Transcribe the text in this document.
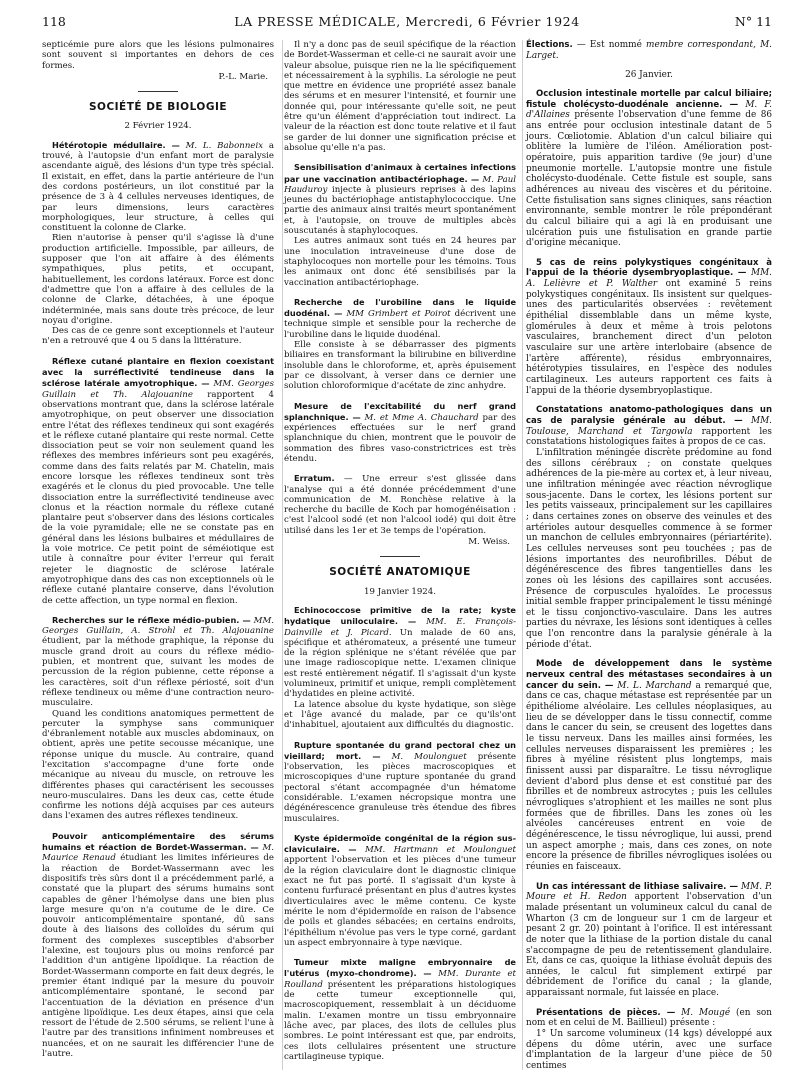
118	LA PRESSE MÉDICALE, Mercredi, 6 Février 1924	N° 11

septicémie pure alors que les lésions pulmonaires sont souvent si importantes en dehors de ces formes.

P.-L. Marie.
SOCIÉTÉ DE BIOLOGIE
2 Février 1924.

Hétérotopie médullaire. — M. L. Babonneix a trouvé, à l'autopsie d'un enfant mort de paralysie ascendante aiguë, des lésions d'un type très spécial. Il existait, en effet, dans la partie antérieure de l'un des cordons postérieurs, un ilot constitué par la présence de 3 à 4 cellules nerveuses identiques, de par leurs dimensions, leurs caractères morphologiques, leur structure, à celles qui constituent la colonne de Clarke.

Rien n'autorise à penser qu'il s'agisse là d'une production artificielle. Impossible, par ailleurs, de supposer que l'on ait affaire à des éléments sympathiques, plus petits, et occupant, habituellement, les cordons latéraux. Force est donc d'admettre que l'on a affaire à des cellules de la colonne de Clarke, détachées, à une époque indéterminée, mais sans doute très précoce, de leur noyau d'origine.

Des cas de ce genre sont exceptionnels et l'auteur n'en a retrouvé que 4 ou 5 dans la littérature.

Réflexe cutané plantaire en flexion coexistant avec la surréflectivité tendineuse dans la sclérose latérale amyotrophique. — MM. Georges Guillain et Th. Alajouanine rapportent 4 observations montrant que, dans la sclérose latérale amyotrophique, on peut observer une dissociation entre l'état des réflexes tendineux qui sont exagérés et le réflexe cutané plantaire qui reste normal. Cette dissociation peut se voir non seulement quand les réflexes des membres inférieurs sont peu exagérés, comme dans des faits relatés par M. Chatelin, mais encore lorsque les réflexes tendineux sont très exagérés et le clonus du pied provocable. Une telle dissociation entre la surréflectivité tendineuse avec clonus et la réaction normale du réflexe cutané plantaire peut s'observer dans des lésions corticales de la voie pyramidale; elle ne se constate pas en général dans les lésions bulbaires et médullaires de la voie motrice. Ce petit point de séméiotique est utile à connaître pour éviter l'erreur qui ferait rejeter le diagnostic de sclérose latérale amyotrophique dans des cas non exceptionnels où le réflexe cutané plantaire conserve, dans l'évolution de cette affection, un type normal en flexion.

Recherches sur le réflexe médio-pubien. — MM. Georges Guillain, A. Strohl et Th. Alajouanine étudient, par la méthode graphique, la réponse du muscle grand droit au cours du réflexe médio-pubien, et montrent que, suivant les modes de percussion de la région pubienne, cette réponse a les caractères, soit d'un réflexe périosté, soit d'un réflexe tendineux ou même d'une contraction neuro-musculaire.

Quand les conditions anatomiques permettent de percuter la symphyse sans communiquer d'ébranlement notable aux muscles abdominaux, on obtient, après une petite secousse mécanique, une réponse unique du muscle. Au contraire, quand l'excitation s'accompagne d'une forte onde mécanique au niveau du muscle, on retrouve les différentes phases qui caractérisent les secousses neuro-musculaires. Dans les deux cas, cette étude confirme les notions déjà acquises par ces auteurs dans l'examen des autres réflexes tendineux.

Pouvoir anticomplémentaire des sérums humains et réaction de Bordet-Wasserman. — M. Maurice Renaud étudiant les limites inférieures de la réaction de Bordet-Wassermann avec les dispositifs très sûrs dont il a précédemment parlé, a constaté que la plupart des sérums humains sont capables de gêner l'hémolyse dans une bien plus large mesure qu'on n'a coutume de le dire. Ce pouvoir anticomplémentaire spontané, dû sans doute à des liaisons des colloïdes du sérum qui forment des complexes susceptibles d'absorber l'alexine, est toujours plus ou moins renforcé par l'addition d'un antigène lipoïdique. La réaction de Bordet-Wassermann comporte en fait deux degrés, le premier étant indiqué par la mesure du pouvoir anticomplémentaire spontané, le second par l'accentuation de la déviation en présence d'un antigène lipoïdique. Les deux étapes, ainsi que cela ressort de l'étude de 2.500 sérums, se relient l'une à l'autre par des transitions infiniment nombreuses et nuancées, et on ne saurait les différencier l'une de l'autre.

Il n'y a donc pas de seuil spécifique de la réaction de Bordet-Wasserman et celle-ci ne saurait avoir une valeur absolue, puisque rien ne la lie spécifiquement et nécessairement à la syphilis. La sérologie ne peut que mettre en évidence une propriété assez banale des sérums et en mesurer l'intensité, et fournir une donnée qui, pour intéressante qu'elle soit, ne peut être qu'un élément d'appréciation tout indirect. La valeur de la réaction est donc toute relative et il faut se garder de lui donner une signification précise et absolue qu'elle n'a pas.

Sensibilisation d'animaux à certaines infections par une vaccination antibactériophage. — M. Paul Hauduroy injecte à plusieurs reprises à des lapins jeunes du bactériophage antistaphylococcique. Une partie des animaux ainsi traités meurt spontanément et, à l'autopsie, on trouve de multiples abcès souscutanés à staphylocoques.

Les autres animaux sont tués en 24 heures par une inoculation intraveineuse d'une dose de staphylocoques non mortelle pour les témoins. Tous les animaux ont donc été sensibilisés par la vaccination antibactériophage.

Recherche de l'urobiline dans le liquide duodénal. — MM Grimbert et Poirot décrivent une technique simple et sensible pour la recherche de l'urobiline dans le liquide duodénal.

Elle consiste à se débarrasser des pigments biliaires en transformant la bilirubine en biliverdine insoluble dans le chloroforme, et, après épuisement par ce dissolvant, à verser dans ce dernier une solution chloroformique d'acétate de zinc anhydre.

Mesure de l'excitabilité du nerf grand splanchnique. — M. et Mme A. Chauchard par des expériences effectuées sur le nerf grand splanchnique du chien, montrent que le pouvoir de sommation des fibres vaso-constrictrices est très étendu.

Erratum. — Une erreur s'est glissée dans l'analyse qui a été donnée précédemment d'une communication de M. Ronchèse relative à la recherche du bacille de Koch par homogénéisation : c'est l'alcool sodé (et non l'alcool iodé) qui doit être utilisé dans les 1er et 3e temps de l'opération.

M. Weiss.
SOCIÉTÉ ANATOMIQUE
19 Janvier 1924.

Echinococcose primitive de la rate; kyste hydatique uniloculaire. — MM. E. François-Dainville et J. Picard. Un malade de 60 ans, spécifique et athéromateux, a présenté une tumeur de la région splénique ne s'étant révélée que par une image radioscopique nette. L'examen clinique est resté entièrement négatif. Il s'agissait d'un kyste volumineux, primitif et unique, rempli complètement d'hydatides en pleine activité.

La latence absolue du kyste hydatique, son siège et l'âge avancé du malade, par ce qu'ils'ont d'inhabituel, ajoutaient aux difficultés du diagnostic.

Rupture spontanée du grand pectoral chez un vieillard; mort. — M. Moulonguet présente l'observation, les pièces macroscopiques et microscopiques d'une rupture spontanée du grand pectoral s'étant accompagnée d'un hématome considérable. L'examen nécropsique montra une dégénérescence granuleuse très étendue des fibres musculaires.

Kyste épidermoïde congénital de la région sus-claviculaire. — MM. Hartmann et Moulonguet apportent l'observation et les pièces d'une tumeur de la région claviculaire dont le diagnostic clinique exact ne fut pas porté. Il s'agissait d'un kyste à contenu furfuracé présentant en plus d'autres kystes diverticulaires avec le même contenu. Ce kyste mérite le nom d'épidermoïde en raison de l'absence de poils et glandes sébacées; en certains endroits, l'épithélium n'évolue pas vers le type corné, gardant un aspect embryonnaire à type nævique.

Tumeur mixte maligne embryonnaire de l'utérus (myxo-chondrome). — MM. Durante et Roulland présentent les préparations histologiques de cette tumeur exceptionnelle qui, macroscopiquement, ressemblait à un déciduome malin. L'examen montre un tissu embryonnaire lâche avec, par places, des ilots de cellules plus sombres. Le point intéressant est que, par endroits, ces ilots cellulaires présentent une structure cartilagineuse typique.

Élections. — Est nommé membre correspondant, M. Larget.

26 Janvier.

Occlusion intestinale mortelle par calcul biliaire; fistule cholécysto-duodénale ancienne. — M. F. d'Allaines présente l'observation d'une femme de 86 ans entrée pour occlusion intestinale datant de 5 jours. Cœliotomie. Ablation d'un calcul biliaire qui oblitère la lumière de l'iléon. Amélioration post-opératoire, puis apparition tardive (9e jour) d'une pneumonie mortelle. L'autopsie montre une fistule cholécysto-duodénale. Cette fistule est souple, sans adhérences au niveau des viscères et du péritoine. Cette fistulisation sans signes cliniques, sans réaction environnante, semble montrer le rôle prépondérant du calcul biliaire qui a agi là en produisant une ulcération puis une fistulisation en grande partie d'origine mécanique.

5 cas de reins polykystiques congénitaux à l'appui de la théorie dysembryoplastique. — MM. A. Lelièvre et P. Walther ont examiné 5 reins polykystiques congénitaux. Ils insistent sur quelques-unes des particularités observées : revêtement épithélial dissemblable dans un même kyste, glomérules à deux et même à trois pelotons vasculaires, branchement direct d'un peloton vasculaire sur une artère interlobaire (absence de l'artère afférente), résidus embryonnaires, hétérotypies tissulaires, en l'espèce des nodules cartilagineux. Les auteurs rapportent ces faits à l'appui de la théorie dysembryoplastique.

Constatations anatomo-pathologiques dans un cas de paralysie générale au début. — MM. Toulouse, Marchand et Targowla rapportent les constatations histologiques faites à propos de ce cas.

L'infiltration méningée discrète prédomine au fond des sillons cérébraux ; on constate quelques adhérences de la pie-mère au cortex et, à leur niveau, une infiltration méningée avec réaction névroglique sous-jacente. Dans le cortex, les lésions portent sur les petits vaisseaux, principalement sur les capillaires ; dans certaines zones on observe des veinules et des artérioles autour desquelles commence à se former un manchon de cellules embryonnaires (périartérite). Les cellules nerveuses sont peu touchées ; pas de lésions importantes des neurofibrilles. Début de dégénérescence des fibres tangentielles dans les zones où les lésions des capillaires sont accusées. Présence de corpuscules hyaloïdes. Le processus initial semble frapper principalement le tissu méningé et le tissu conjonctivo-vasculaire. Dans les autres parties du névraxe, les lésions sont identiques à celles que l'on rencontre dans la paralysie générale à la période d'état.

Mode de développement dans le système nerveux central des métastases secondaires à un cancer du sein. — M. L. Marchand a remarqué que, dans ce cas, chaque métastase est représentée par un épithéliome alvéolaire. Les cellules néoplasiques, au lieu de se développer dans le tissu connectif, comme dans le cancer du sein, se creusent des logettes dans le tissu nerveux. Dans les mailles ainsi formées, les cellules nerveuses disparaissent les premières ; les fibres à myéline résistent plus longtemps, mais finissent aussi par disparaître. Le tissu névroglique devient d'abord plus dense et est constitué par des fibrilles et de nombreux astrocytes ; puis les cellules névrogliques s'atrophient et les mailles ne sont plus formées que de fibrilles. Dans les zones où les alvéoles cancéreuses entrent en voie de dégénérescence, le tissu névroglique, lui aussi, prend un aspect amorphe ; mais, dans ces zones, on note encore la présence de fibrilles névrogliques isolées ou réunies en faisceaux.

Un cas intéressant de lithiase salivaire. — MM. P. Moure et H. Redon apportent l'observation d'un malade présentant un volumineux calcul du canal de Wharton (3 cm de longueur sur 1 cm de largeur et pesant 2 gr. 20) pointant à l'orifice. Il est intéressant de noter que la lithiase de la portion distale du canal s'accompagne de peu de retentissement glandulaire. Et, dans ce cas, quoique la lithiase évoluât depuis des années, le calcul fut simplement extirpé par débridement de l'orifice du canal ; la glande, apparaissant normale, fut laissée en place.

Présentations de pièces. — M. Mougé (en son nom et en celui de M. Baillieul) présente :

1° Un sarcome volumineux (14 kgs) développé aux dépens du dôme utérin, avec une surface d'implantation de la largeur d'une pièce de 50 centimes
